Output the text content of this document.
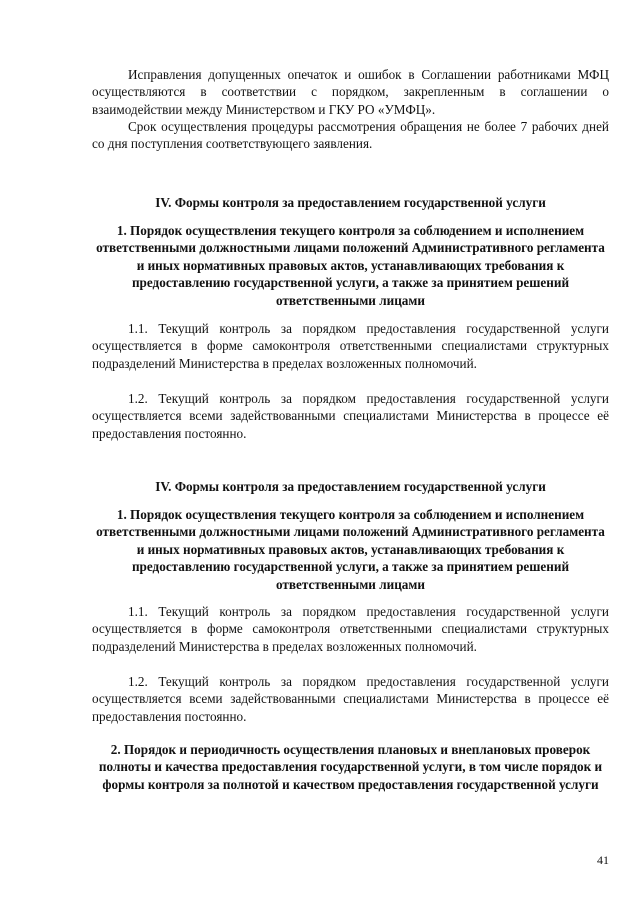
Исправления допущенных опечаток и ошибок в Соглашении работниками МФЦ осуществляются в соответствии с порядком, закрепленным в соглашении о взаимодействии между Министерством и ГКУ РО «УМФЦ».

Срок осуществления процедуры рассмотрения обращения не более 7 рабочих дней со дня поступления соответствующего заявления.

IV. Формы контроля за предоставлением государственной услуги
1. Порядок осуществления текущего контроля за соблюдением и исполнением ответственными должностными лицами положений Административного регламента и иных нормативных правовых актов, устанавливающих требования к предоставлению государственной услуги, а также за принятием решений ответственными лицами

1.1. Текущий контроль за порядком предоставления государственной услуги осуществляется в форме самоконтроля ответственными специалистами структурных подразделений Министерства в пределах возложенных полномочий.

1.2. Текущий контроль за порядком предоставления государственной услуги осуществляется всеми задействованными специалистами Министерства в процессе её предоставления постоянно.

IV. Формы контроля за предоставлением государственной услуги
1. Порядок осуществления текущего контроля за соблюдением и исполнением ответственными должностными лицами положений Административного регламента и иных нормативных правовых актов, устанавливающих требования к предоставлению государственной услуги, а также за принятием решений ответственными лицами

1.1. Текущий контроль за порядком предоставления государственной услуги осуществляется в форме самоконтроля ответственными специалистами структурных подразделений Министерства в пределах возложенных полномочий.

1.2. Текущий контроль за порядком предоставления государственной услуги осуществляется всеми задействованными специалистами Министерства в процессе её предоставления постоянно.

2. Порядок и периодичность осуществления плановых и внеплановых проверок полноты и качества предоставления государственной услуги, в том числе порядок и формы контроля за полнотой и качеством предоставления государственной услуги
41
